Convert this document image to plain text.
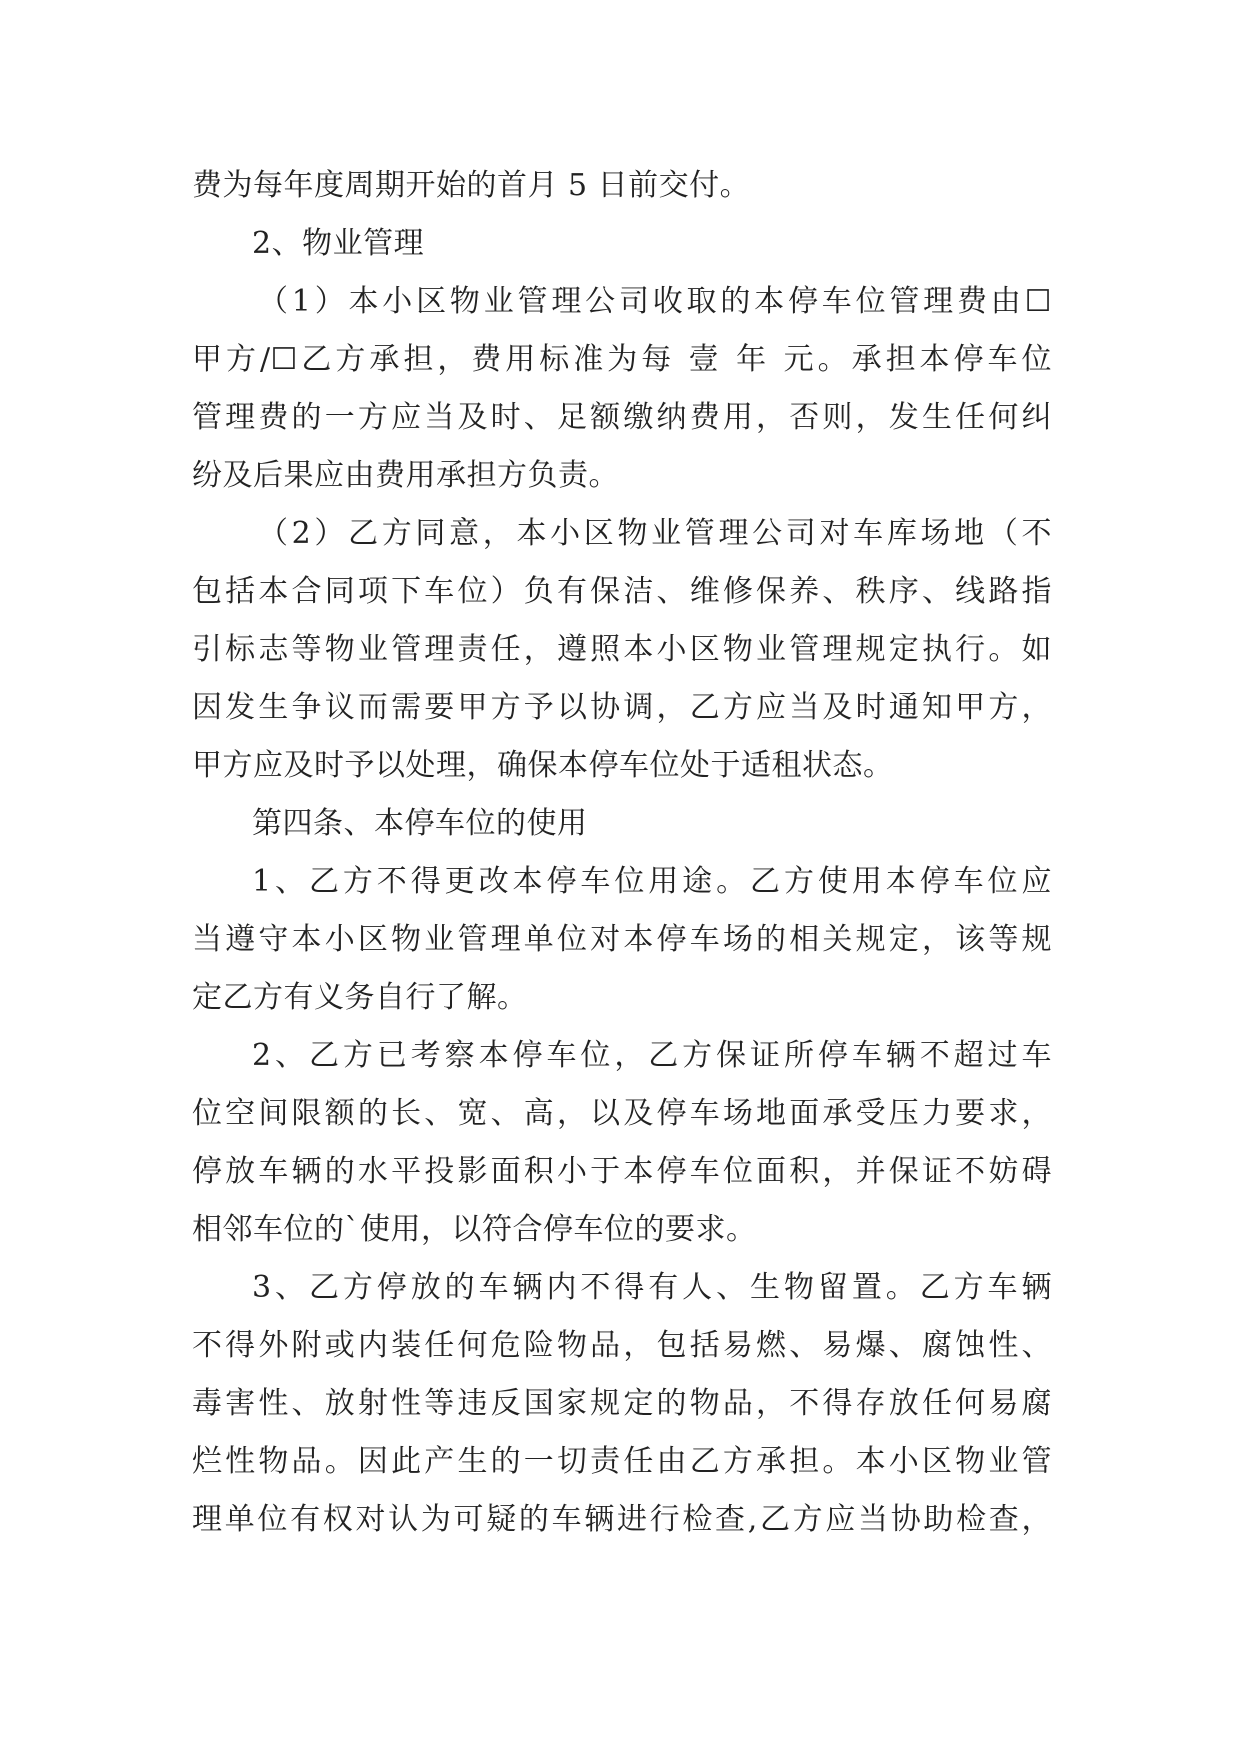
费为每年度周期开始的首月 5 日前交付。
2、物业管理
（1）本小区物业管理公司收取的本停车位管理费由☐
甲方/☐乙方承担，费用标准为每 壹 年 元。承担本停车位
管理费的一方应当及时、足额缴纳费用，否则，发生任何纠
纷及后果应由费用承担方负责。
（2）乙方同意，本小区物业管理公司对车库场地（不
包括本合同项下车位）负有保洁、维修保养、秩序、线路指
引标志等物业管理责任，遵照本小区物业管理规定执行。如
因发生争议而需要甲方予以协调，乙方应当及时通知甲方，
甲方应及时予以处理，确保本停车位处于适租状态。
第四条、本停车位的使用
1、乙方不得更改本停车位用途。乙方使用本停车位应
当遵守本小区物业管理单位对本停车场的相关规定，该等规
定乙方有义务自行了解。
2、乙方已考察本停车位，乙方保证所停车辆不超过车
位空间限额的长、宽、高，以及停车场地面承受压力要求，
停放车辆的水平投影面积小于本停车位面积，并保证不妨碍
相邻车位的`使用，以符合停车位的要求。
3、乙方停放的车辆内不得有人、生物留置。乙方车辆
不得外附或内装任何危险物品，包括易燃、易爆、腐蚀性、
毒害性、放射性等违反国家规定的物品，不得存放任何易腐
烂性物品。因此产生的一切责任由乙方承担。本小区物业管
理单位有权对认为可疑的车辆进行检查,乙方应当协助检查，
